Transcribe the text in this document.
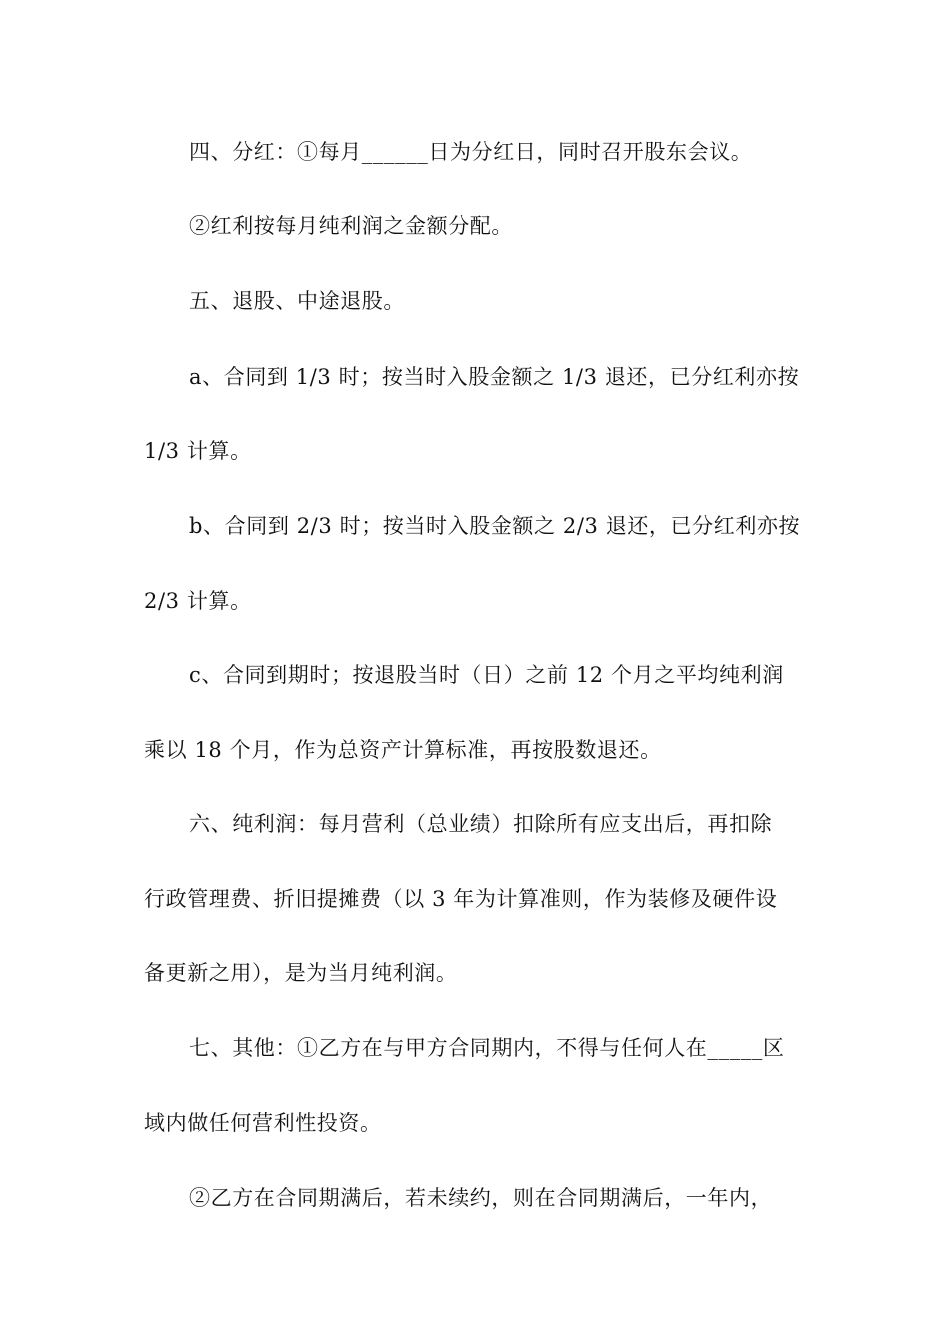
四、分红：①每月______日为分红日，同时召开股东会议。
②红利按每月纯利润之金额分配。
五、退股、中途退股。
a、合同到 1/3 时；按当时入股金额之 1/3 退还，已分红利亦按
1/3 计算。
b、合同到 2/3 时；按当时入股金额之 2/3 退还，已分红利亦按
2/3 计算。
c、合同到期时；按退股当时（日）之前 12 个月之平均纯利润
乘以 18 个月，作为总资产计算标准，再按股数退还。
六、纯利润：每月营利（总业绩）扣除所有应支出后，再扣除
行政管理费、折旧提摊费（以 3 年为计算准则，作为装修及硬件设
备更新之用），是为当月纯利润。
七、其他：①乙方在与甲方合同期内，不得与任何人在_____区
域内做任何营利性投资。
②乙方在合同期满后，若未续约，则在合同期满后，一年内，
